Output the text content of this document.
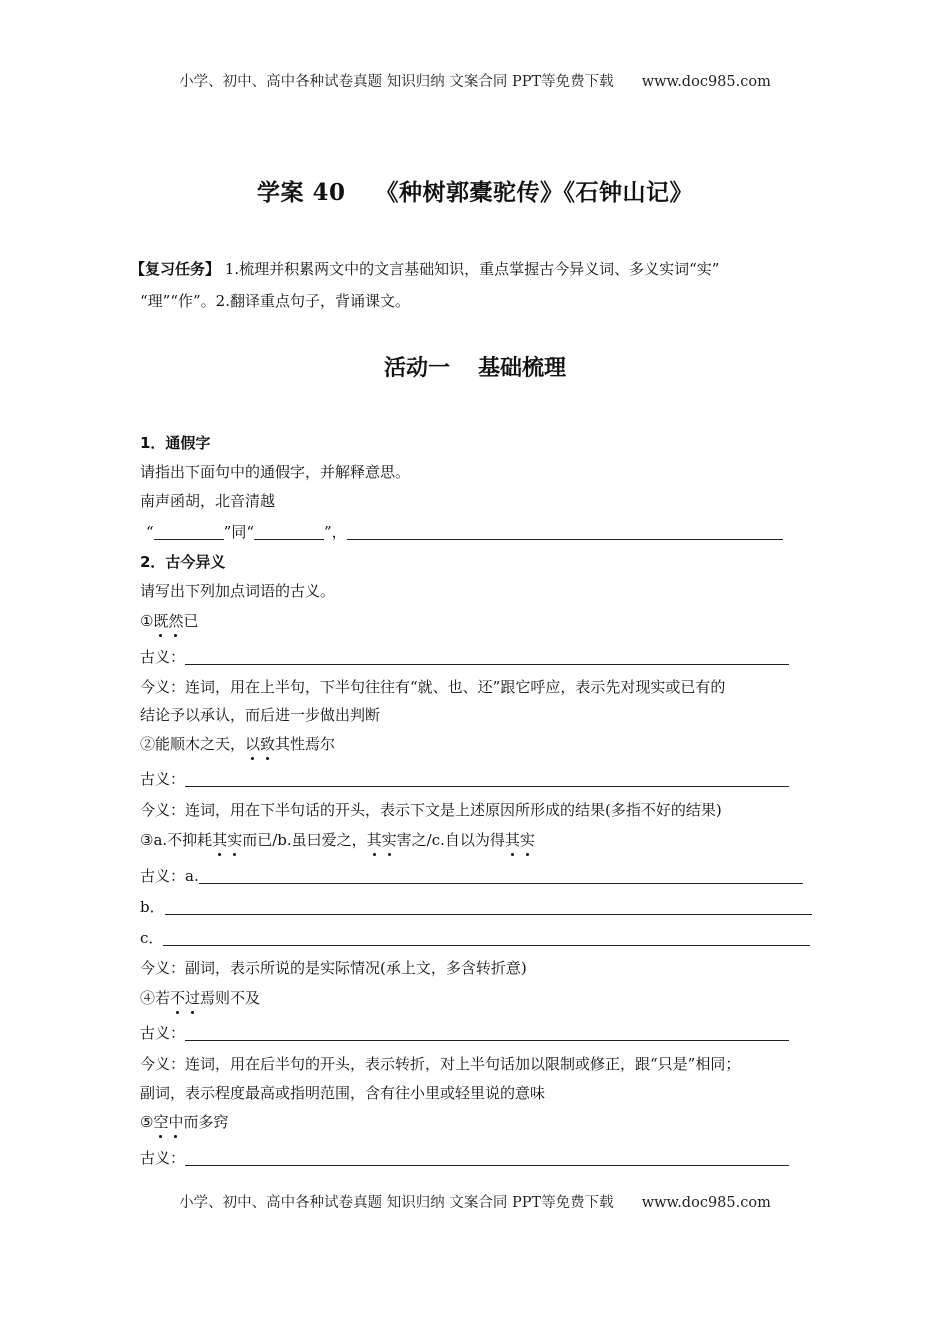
小学、初中、高中各种试卷真题 知识归纳 文案合同 PPT等免费下载 www.doc985.com
学案 40 《种树郭橐驼传》《石钟山记》
【复习任务】 1.梳理并积累两文中的文言基础知识，重点掌握古今异义词、多义实词“实”
“理”“作”。2.翻译重点句子，背诵课文。
活动一 基础梳理
1．通假字
请指出下面句中的通假字，并解释意思。
南声函胡，北音清越
“	”同“	”，
2．古今异义
请写出下列加点词语的古义。
①既然已
古义：
今义：连词，用在上半句，下半句往往有“就、也、还”跟它呼应，表示先对现实或已有的
结论予以承认，而后进一步做出判断
②能顺木之天，以致其性焉尔
古义：
今义：连词，用在下半句话的开头，表示下文是上述原因所形成的结果(多指不好的结果)
③a.不抑耗其实而已/b.虽曰爱之，其实害之/c.自以为得其实
古义：a.
b．
c．
今义：副词，表示所说的是实际情况(承上文，多含转折意)
④若不过焉则不及
古义：
今义：连词，用在后半句的开头，表示转折，对上半句话加以限制或修正，跟“只是”相同；
副词，表示程度最高或指明范围，含有往小里或轻里说的意味
⑤空中而多窍
古义：
小学、初中、高中各种试卷真题 知识归纳 文案合同 PPT等免费下载 www.doc985.com
